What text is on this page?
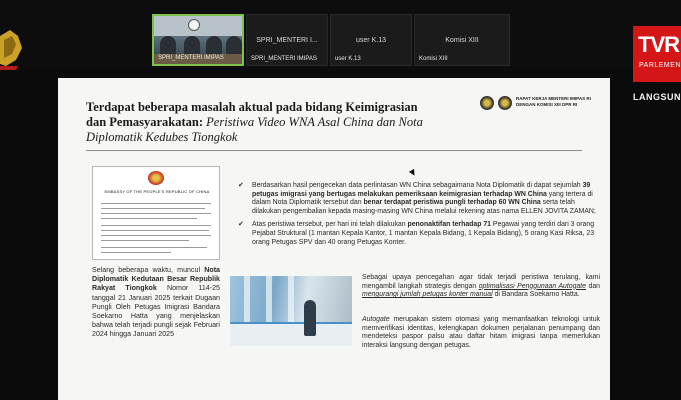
SPRI_MENTERI IMIPAS
SPRI_MENTERI I...
SPRI_MENTERI IMIPAS
user K.13
user K.13
Komisi XIII
Komisi XIII
TVR
PARLEMEN
LANGSUN
Terdapat beberapa masalah aktual pada bidang Keimigrasian
dan Pemasyarakatan: Peristiwa Video WNA Asal China dan Nota
Diplomatik Kedubes Tiongkok
RAPAT KERJA MENTERI IMIPAS RI DENGAN KOMISI XIII DPR RI
EMBASSY OF THE PEOPLE'S REPUBLIC OF CHINA
Selang beberapa waktu, muncul Nota Diplomatik Kedutaan Besar Republik Rakyat Tiongkok Nomor 114-25 tanggal 21 Januari 2025 terkait Dugaan Pungli Oleh Petugas Imigrasi Bandara Soekarno Hatta yang menjelaskan bahwa telah terjadi pungli sejak Februari 2024 hingga Januari 2025
✔ Berdasarkan hasil pengecekan data perlintasan WN China sebagaimana Nota Diplomatik di dapat sejumlah 39 petugas imigrasi yang bertugas melakukan pemeriksaan keimigrasian terhadap WN China yang tertera di dalam Nota Diplomatik tersebut dan benar terdapat peristiwa pungli terhadap 60 WN China serta telah dilakukan pengembalian kepada masing-masing WN China melalui rekening atas nama ELLEN JOVITA ZAMAN;
✔ Atas peristiwa tersebut, per hari ini telah dilakukan penonaktifan terhadap 71 Pegawai yang terdiri dari 3 orang Pejabat Struktural (1 mantan Kepala Kantor, 1 mantan Kepala Bidang, 1 Kepala Bidang), 5 orang Kasi Riksa, 23 orang Petugas SPV dan 40 orang Petugas Konter.
Sebagai upaya pencegahan agar tidak terjadi peristiwa terulang, kami mengambil langkah strategis dengan optimalisasi Penggunaan Autogate dan mengurangi jumlah petugas konter manual di Bandara Soekarno Hatta.
Autogate merupakan sistem otomasi yang memanfaatkan teknologi untuk memverifikasi identitas, kelengkapan dokumen perjalanan penumpang dan mendeteksi paspor palsu atau daftar hitam imigrasi tanpa memerlukan interaksi langsung dengan petugas.
